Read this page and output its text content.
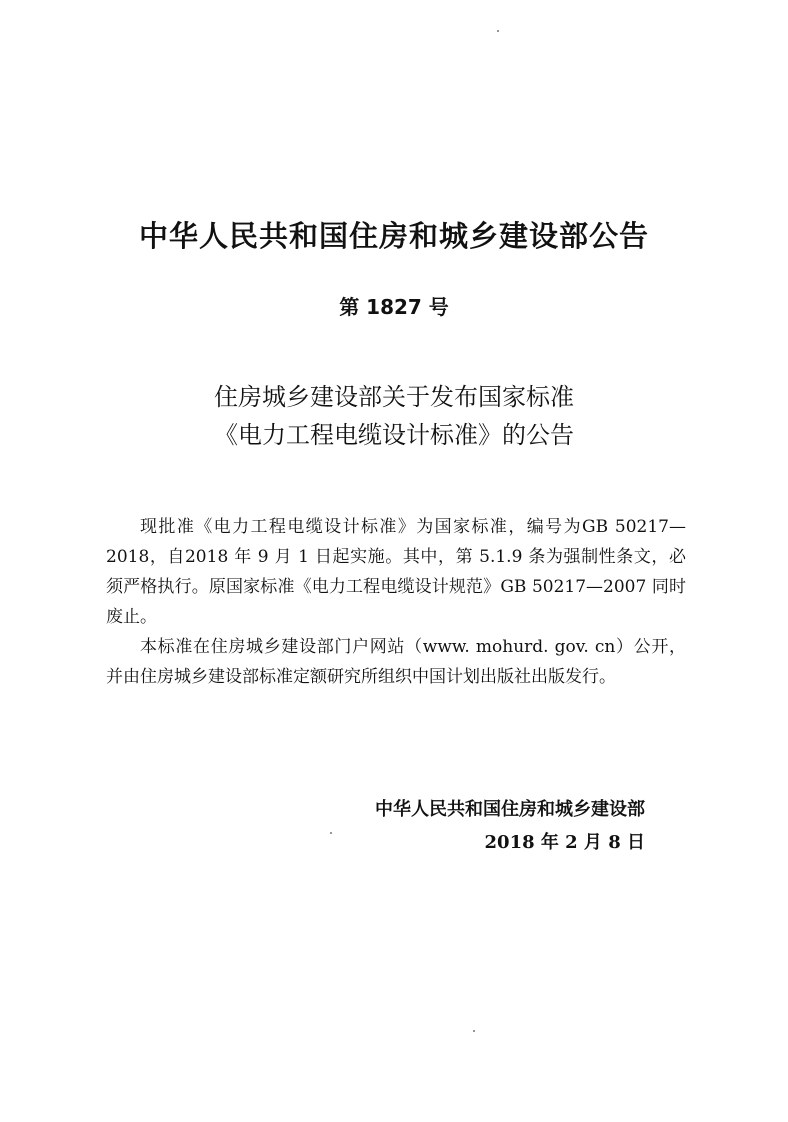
中华人民共和国住房和城乡建设部公告
第 1827 号
住房城乡建设部关于发布国家标准
《电力工程电缆设计标准》的公告

现批准《电力工程电缆设计标准》为国家标准，编号为GB 50217—2018，自2018 年 9 月 1 日起实施。其中，第 5.1.9 条为强制性条文，必须严格执行。原国家标准《电力工程电缆设计规范》GB 50217—2007 同时废止。

本标准在住房城乡建设部门户网站（www. mohurd. gov. cn）公开，并由住房城乡建设部标准定额研究所组织中国计划出版社出版发行。

中华人民共和国住房和城乡建设部
2018 年 2 月 8 日
